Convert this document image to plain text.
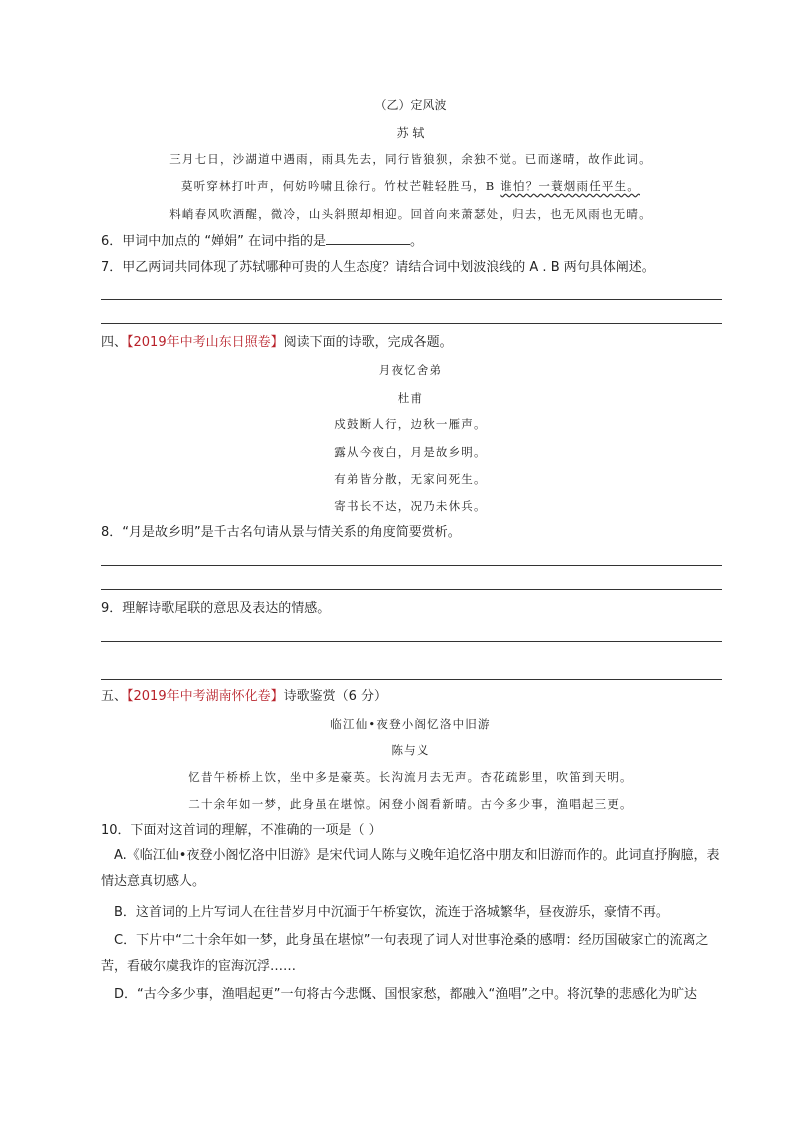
（乙）定风波
苏 轼
三月七日，沙湖道中遇雨，雨具先去，同行皆狼狈，余独不觉。已而遂晴，故作此词。
莫听穿林打叶声，何妨吟啸且徐行。竹杖芒鞋轻胜马，B 谁怕？一蓑烟雨任平生。
料峭春风吹酒醒，微冷，山头斜照却相迎。回首向来萧瑟处，归去，也无风雨也无晴。
6．甲词中加点的 “婵娟” 在词中指的是	。
7．甲乙两词共同体现了苏轼哪种可贵的人生态度？请结合词中划波浪线的 A . B 两句具体阐述。
四、【2019年中考山东日照卷】阅读下面的诗歌，完成各题。
月夜忆舍弟
杜甫
戍鼓断人行，边秋一雁声。
露从今夜白，月是故乡明。
有弟皆分散，无家问死生。
寄书长不达，况乃未休兵。
8．“月是故乡明”是千古名句请从景与情关系的角度简要赏析。
9．理解诗歌尾联的意思及表达的情感。
五、【2019年中考湖南怀化卷】诗歌鉴赏（6 分）
临江仙•夜登小阁忆洛中旧游
陈与义
忆昔午桥桥上饮，坐中多是豪英。长沟流月去无声。杏花疏影里，吹笛到天明。
二十余年如一梦，此身虽在堪惊。闲登小阁看新晴。古今多少事，渔唱起三更。
10．下面对这首词的理解，不准确的一项是（ ）
A.《临江仙•夜登小阁忆洛中旧游》是宋代词人陈与义晚年追忆洛中朋友和旧游而作的。此词直抒胸臆，表情达意真切感人。
B．这首词的上片写词人在往昔岁月中沉湎于午桥宴饮，流连于洛城繁华，昼夜游乐，豪情不再。
C．下片中“二十余年如一梦，此身虽在堪惊”一句表现了词人对世事沧桑的感喟：经历国破家亡的流离之苦，看破尔虞我诈的宦海沉浮……
D．“古今多少事，渔唱起更”一句将古今悲慨、国恨家愁，都融入“渔唱”之中。将沉挚的悲感化为旷达
